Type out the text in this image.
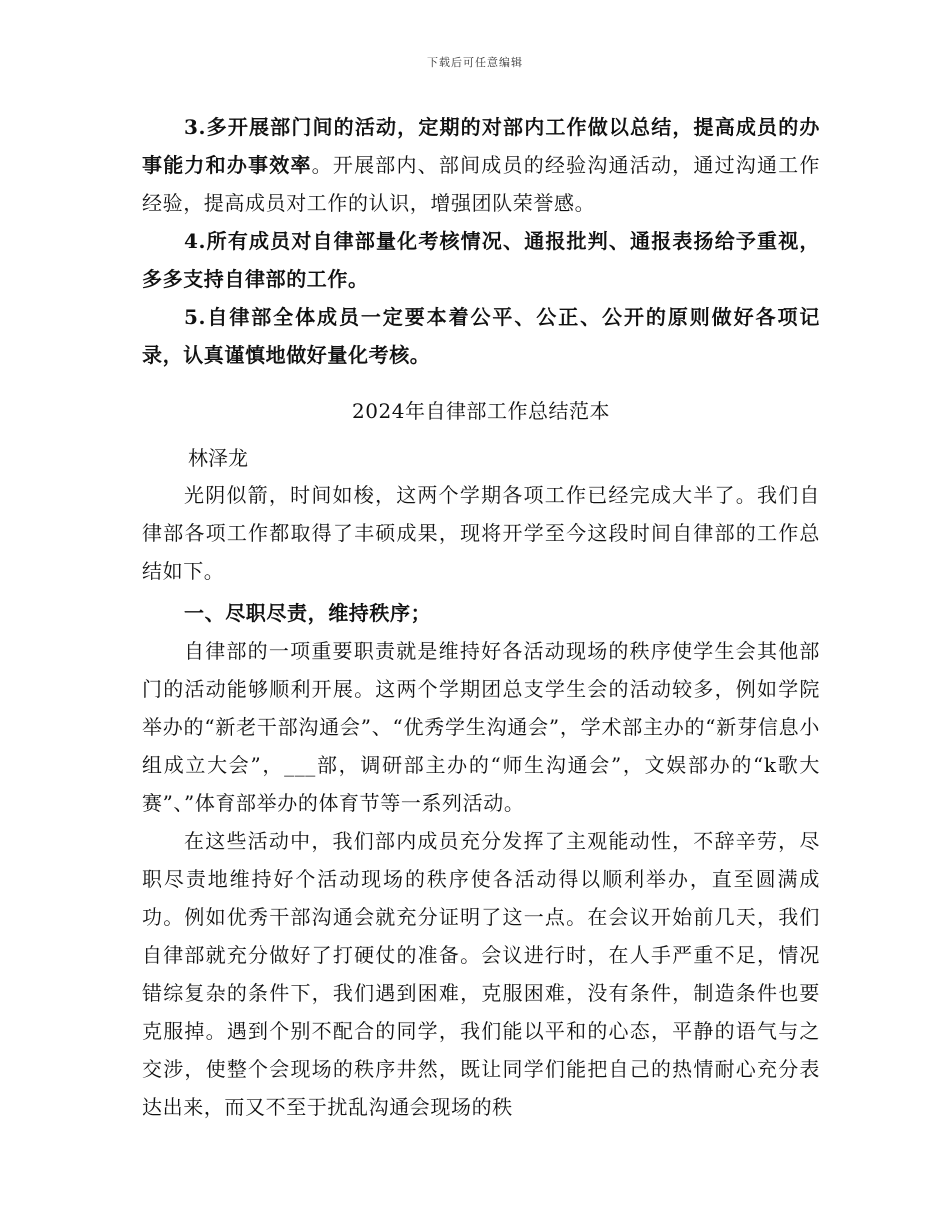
下载后可任意编辑

3.多开展部门间的活动，定期的对部内工作做以总结，提高成员的办事能力和办事效率。开展部内、部间成员的经验沟通活动，通过沟通工作经验，提高成员对工作的认识，增强团队荣誉感。

4.所有成员对自律部量化考核情况、通报批判、通报表扬给予重视，多多支持自律部的工作。

5.自律部全体成员一定要本着公平、公正、公开的原则做好各项记录，认真谨慎地做好量化考核。

2024年自律部工作总结范本

林泽龙

光阴似箭，时间如梭，这两个学期各项工作已经完成大半了。我们自律部各项工作都取得了丰硕成果，现将开学至今这段时间自律部的工作总结如下。

一、尽职尽责，维持秩序；

自律部的一项重要职责就是维持好各活动现场的秩序使学生会其他部门的活动能够顺利开展。这两个学期团总支学生会的活动较多，例如学院举办的“新老干部沟通会”、“优秀学生沟通会”，学术部主办的“新芽信息小组成立大会”，___部，调研部主办的“师生沟通会”，文娱部办的“k歌大赛”、”体育部举办的体育节等一系列活动。

在这些活动中，我们部内成员充分发挥了主观能动性，不辞辛劳，尽职尽责地维持好个活动现场的秩序使各活动得以顺利举办，直至圆满成功。例如优秀干部沟通会就充分证明了这一点。在会议开始前几天，我们自律部就充分做好了打硬仗的准备。会议进行时，在人手严重不足，情况错综复杂的条件下，我们遇到困难，克服困难，没有条件，制造条件也要克服掉。遇到个别不配合的同学，我们能以平和的心态，平静的语气与之交涉，使整个会现场的秩序井然，既让同学们能把自己的热情耐心充分表达出来，而又不至于扰乱沟通会现场的秩
